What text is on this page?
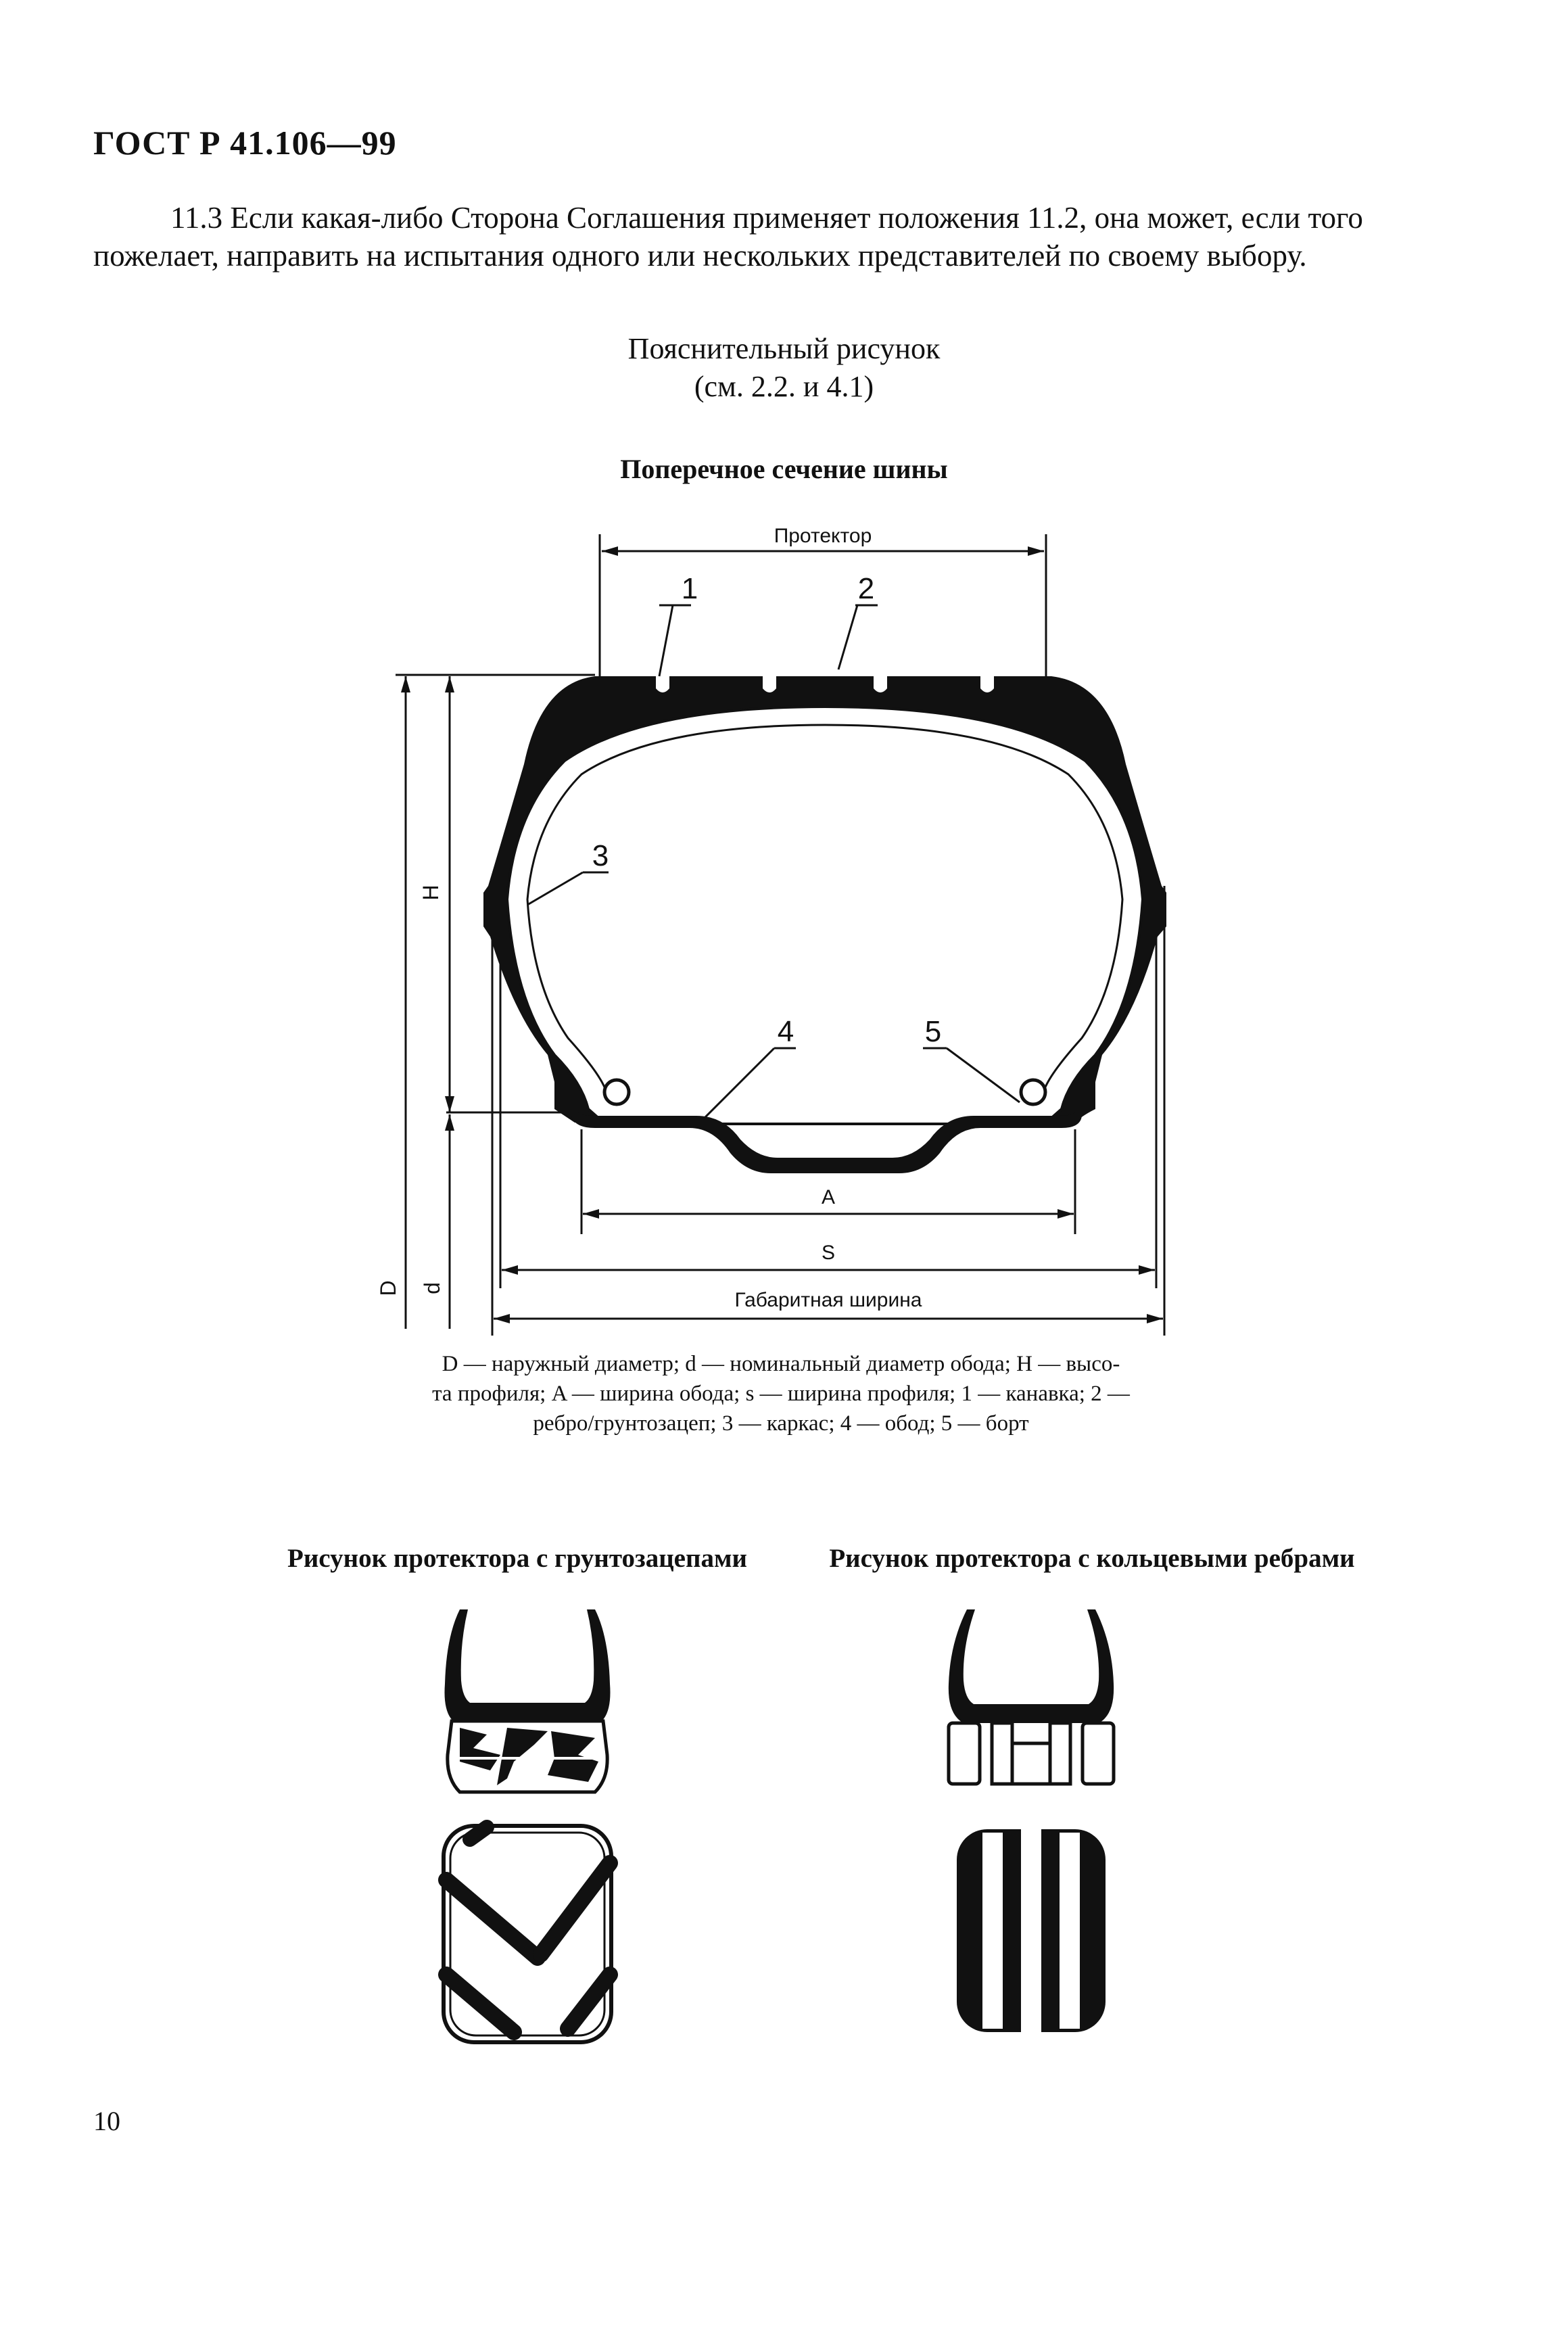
ГОСТ Р 41.106—99
11.3 Если какая-либо Сторона Соглашения применяет положения 11.2, она может, если того
пожелает, направить на испытания одного или нескольких представителей по своему выбору.
Пояснительный рисунок
(см. 2.2. и 4.1)
Поперечное сечение шины
Протектор
1	2
3
4	5
H
D d
A
S
Габаритная ширина
D — наружный диаметр; d — номинальный диаметр обода; H — высо-
та профиля; A — ширина обода; s — ширина профиля; 1 — канавка; 2 —
ребро/грунтозацеп; 3 — каркас; 4 — обод; 5 — борт
Рисунок протектора с грунтозацепами	Рисунок протектора с кольцевыми ребрами
10
